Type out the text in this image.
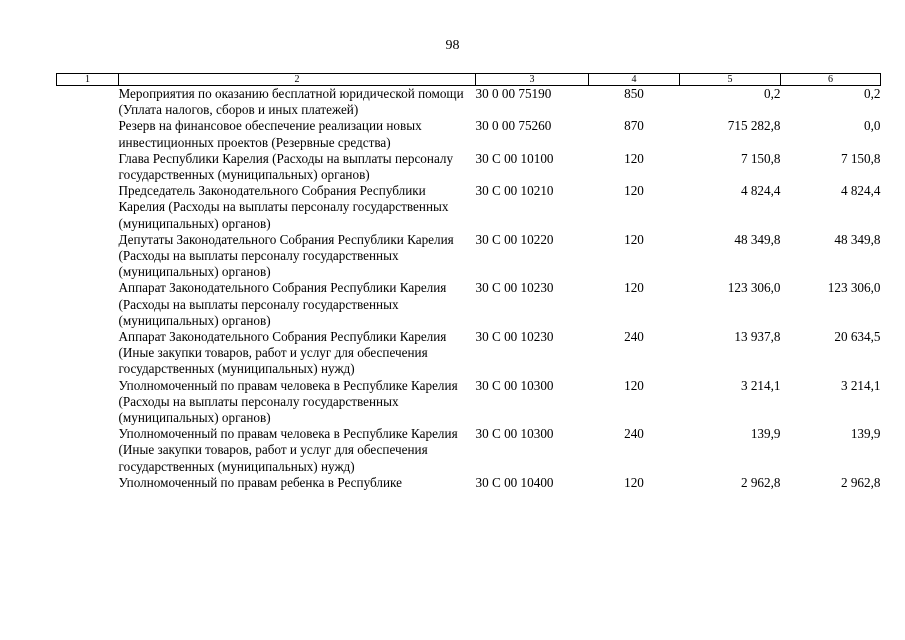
98
1	2	3	4	5	6
	Мероприятия по оказанию бесплатной юридической помощи (Уплата налогов, сборов и иных платежей)	30 0 00 75190	850	0,2	0,2
	Резерв на финансовое обеспечение реализации новых инвестиционных проектов (Резервные средства)	30 0 00 75260	870	715 282,8	0,0
	Глава Республики Карелия (Расходы на выплаты персоналу государственных (муниципальных) органов)	30 С 00 10100	120	7 150,8	7 150,8
	Председатель Законодательного Собрания Республики Карелия (Расходы на выплаты персоналу государственных (муниципальных) органов)	30 С 00 10210	120	4 824,4	4 824,4
	Депутаты Законодательного Собрания Республики Карелия (Расходы на выплаты персоналу государственных (муниципальных) органов)	30 С 00 10220	120	48 349,8	48 349,8
	Аппарат Законодательного Собрания Республики Карелия (Расходы на выплаты персоналу государственных (муниципальных) органов)	30 С 00 10230	120	123 306,0	123 306,0
	Аппарат Законодательного Собрания Республики Карелия (Иные закупки товаров, работ и услуг для обеспечения государственных (муниципальных) нужд)	30 С 00 10230	240	13 937,8	20 634,5
	Уполномоченный по правам человека в Республике Карелия (Расходы на выплаты персоналу государственных (муниципальных) органов)	30 С 00 10300	120	3 214,1	3 214,1
	Уполномоченный по правам человека в Республике Карелия (Иные закупки товаров, работ и услуг для обеспечения государственных (муниципальных) нужд)	30 С 00 10300	240	139,9	139,9
	Уполномоченный по правам ребенка в Республике	30 С 00 10400	120	2 962,8	2 962,8
